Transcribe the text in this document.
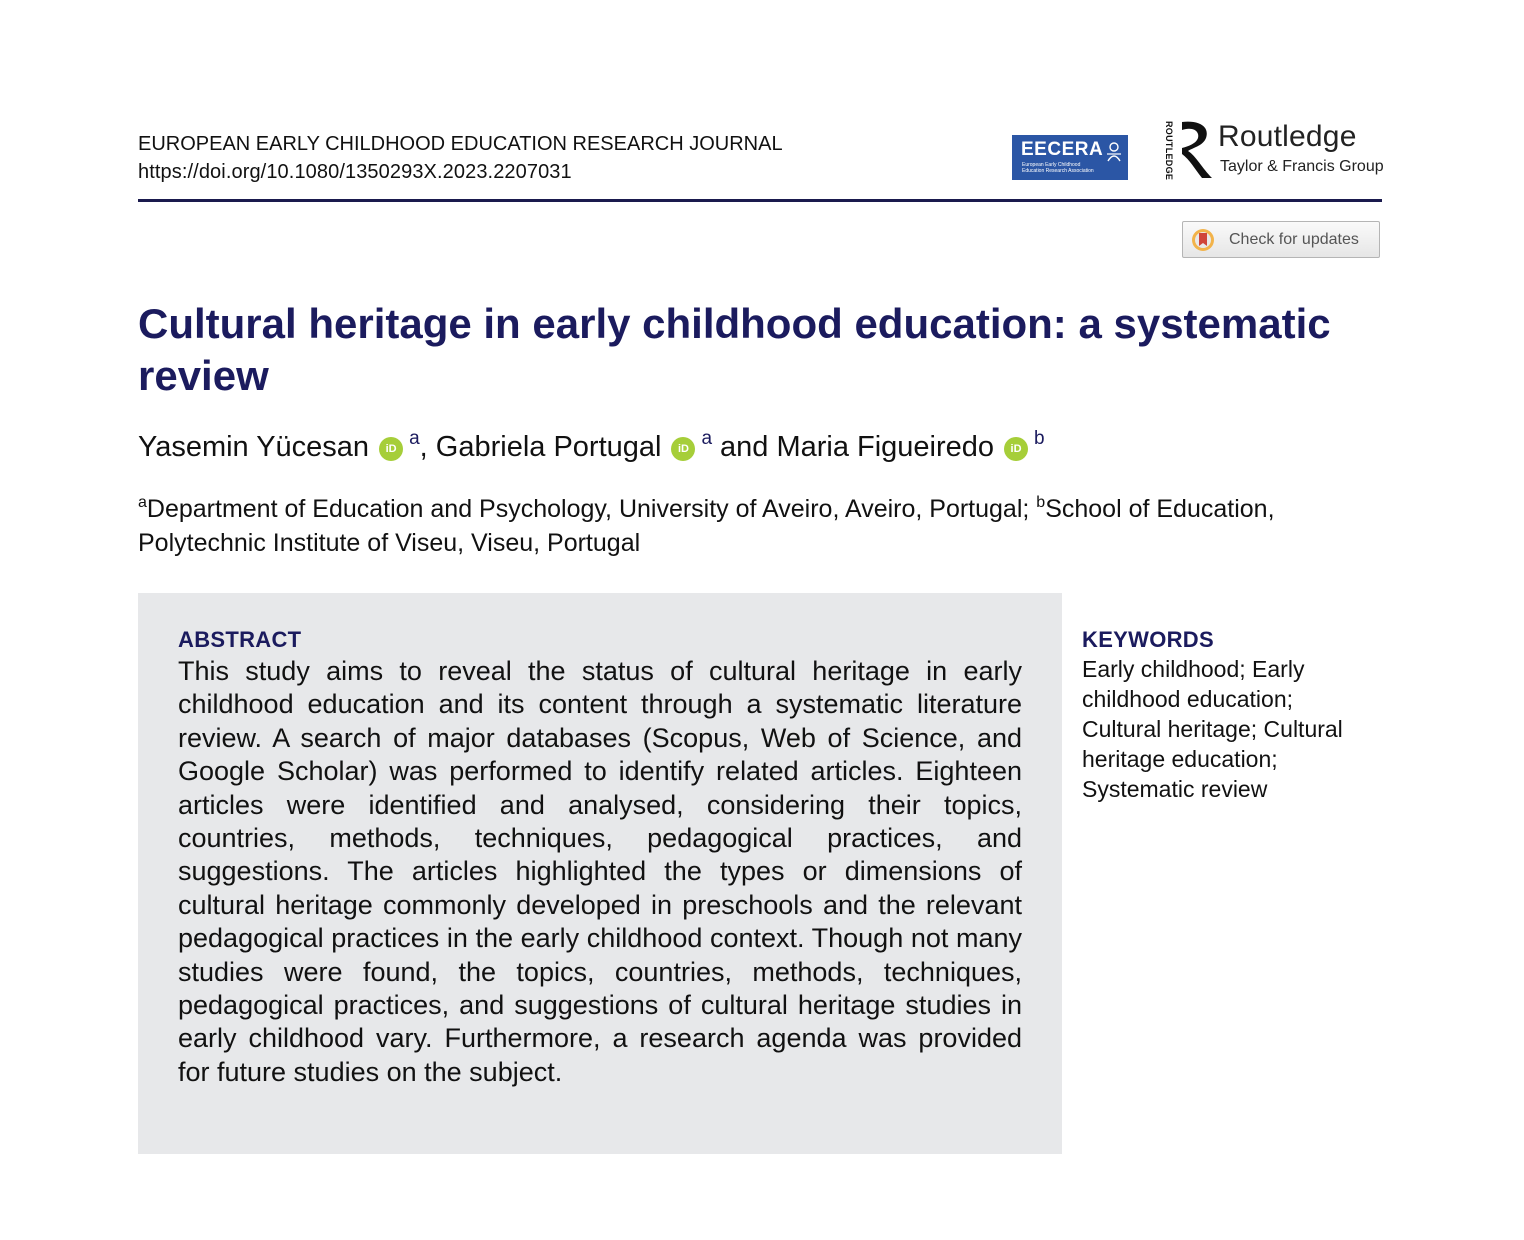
EUROPEAN EARLY CHILDHOOD EDUCATION RESEARCH JOURNAL
https://doi.org/10.1080/1350293X.2023.2207031
EECERA
European Early Childhood Education Research Association	ROUTLEDGE Routledge
Taylor & Francis Group
Check for updates
Cultural heritage in early childhood education: a systematic review
Yasemin Yücesan iD $^a$, Gabriela Portugal iD $^a$ and Maria Figueiredo iD $^b$
$^a$Department of Education and Psychology, University of Aveiro, Aveiro, Portugal; $^b$School of Education, Polytechnic Institute of Viseu, Viseu, Portugal
ABSTRACT

This study aims to reveal the status of cultural heritage in early childhood education and its content through a systematic literature review. A search of major databases (Scopus, Web of Science, and Google Scholar) was performed to identify related articles. Eighteen articles were identified and analysed, considering their topics, countries, methods, techniques, pedagogical practices, and suggestions. The articles highlighted the types or dimensions of cultural heritage commonly developed in preschools and the relevant pedagogical practices in the early childhood context. Though not many studies were found, the topics, countries, methods, techniques, pedagogical practices, and suggestions of cultural heritage studies in early childhood vary. Furthermore, a research agenda was provided for future studies on the subject.

KEYWORDS
Early childhood; Early childhood education; Cultural heritage; Cultural heritage education; Systematic review
